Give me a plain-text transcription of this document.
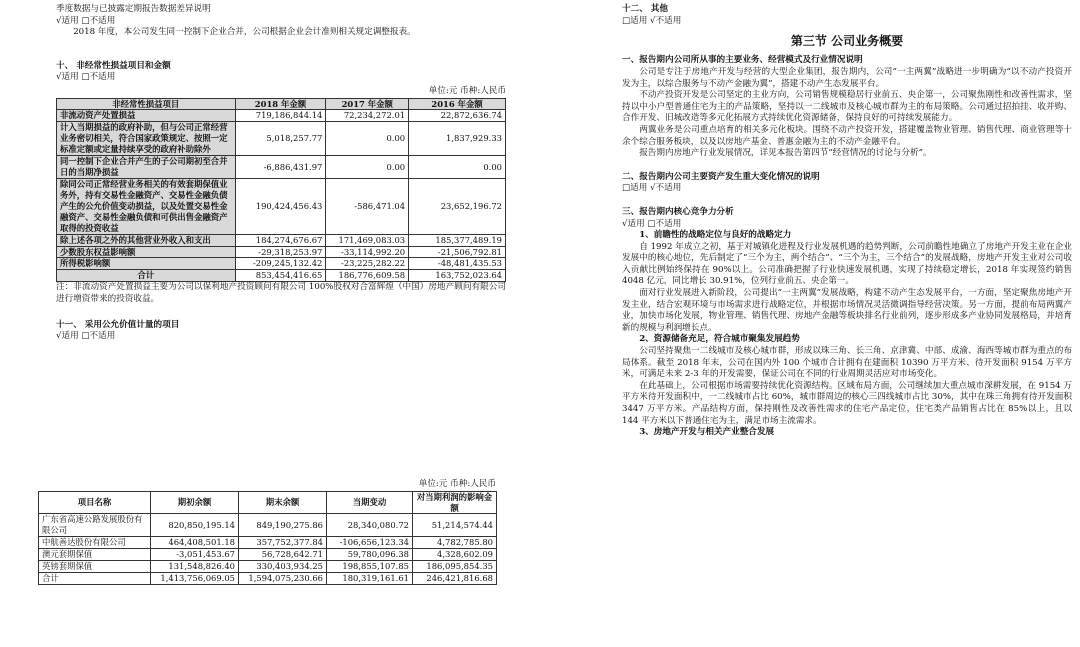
季度数据与已披露定期报告数据差异说明

√适用 □不适用

2018 年度，本公司发生同一控制下企业合并，公司根据企业会计准则相关规定调整报表。

十、 非经常性损益项目和金额

√适用 □不适用

单位:元 币种:人民币

非经常性损益项目	2018 年金额	2017 年金额	2016 年金额
非流动资产处置损益	719,186,844.14	72,234,272.01	22,872,636.74
计入当期损益的政府补助，但与公司正常经营业务密切相关，符合国家政策规定、按照一定标准定额或定量持续享受的政府补助除外	5,018,257.77	0.00	1,837,929.33
同一控制下企业合并产生的子公司期初至合并日的当期净损益	-6,886,431.97	0.00	0.00
除同公司正常经营业务相关的有效套期保值业务外，持有交易性金融资产、交易性金融负债产生的公允价值变动损益，以及处置交易性金融资产、交易性金融负债和可供出售金融资产取得的投资收益	190,424,456.43	-586,471.04	23,652,196.72
除上述各项之外的其他营业外收入和支出	184,274,676.67	171,469,083.03	185,377,489.19
少数股东权益影响额	-29,318,253.97	-33,114,992.20	-21,506,792.81
所得税影响额	-209,245,132.42	-23,225,282.22	-48,481,435.53
合计	853,454,416.65	186,776,609.58	163,752,023.64

注：非流动资产处置损益主要为公司以保利地产投资顾问有限公司 100%股权对合富辉煌（中国）房地产顾问有限公司进行增资带来的投资收益。

十一、 采用公允价值计量的项目

√适用 □不适用

单位:元 币种:人民币

项目名称	期初余额	期末余额	当期变动	对当期利润的影响金额
广东省高速公路发展股份有限公司	820,850,195.14	849,190,275.86	28,340,080.72	51,214,574.44
中航善达股份有限公司	464,408,501.18	357,752,377.84	-106,656,123.34	4,782,785.80
澳元套期保值	-3,051,453.67	56,728,642.71	59,780,096.38	4,328,602.09
英镑套期保值	131,548,826.40	330,403,934.25	198,855,107.85	186,095,854.35
合计	1,413,756,069.05	1,594,075,230.66	180,319,161.61	246,421,816.68

十二、 其他

□适用 √不适用

第三节 公司业务概要

一、报告期内公司所从事的主要业务、经营模式及行业情况说明

公司是专注于房地产开发与经营的大型企业集团，报告期内，公司“一主两翼”战略进一步明确为“以不动产投资开发为主，以综合服务与不动产金融为翼”，搭建不动产生态发展平台。

不动产投资开发是公司坚定的主业方向，公司销售规模稳居行业前五、央企第一，公司聚焦刚性和改善性需求，坚持以中小户型普通住宅为主的产品策略，坚持以一二线城市及核心城市群为主的布局策略。公司通过招拍挂、收并购、合作开发、旧城改造等多元化拓展方式持续优化资源储备，保持良好的可持续发展能力。

两翼业务是公司重点培育的相关多元化板块。围绕不动产投资开发，搭建覆盖物业管理、销售代理、商业管理等十余个综合服务板块，以及以房地产基金、普惠金融为主的不动产金融平台。

报告期内房地产行业发展情况，详见本报告第四节“经营情况的讨论与分析”。

二、报告期内公司主要资产发生重大变化情况的说明

□适用 √不适用

三、报告期内核心竞争力分析

√适用 □不适用

1、前瞻性的战略定位与良好的战略定力

自 1992 年成立之初，基于对城镇化进程及行业发展机遇的趋势判断，公司前瞻性地确立了房地产开发主业在企业发展中的核心地位，先后制定了“三个为主，两个结合”、“三个为主，三个结合”的发展战略，房地产开发主业对公司收入贡献比例始终保持在 90%以上。公司准确把握了行业快速发展机遇，实现了持续稳定增长，2018 年实现签约销售 4048 亿元，同比增长 30.91%，位列行业前五、央企第一。

面对行业发展进入新阶段，公司提出“一主两翼”发展战略，构建不动产生态发展平台，一方面，坚定聚焦房地产开发主业，结合宏观环境与市场需求进行战略定位，并根据市场情况灵活微调指导经营决策。另一方面，提前布局两翼产业，加快市场化发展，物业管理、销售代理、房地产金融等板块排名行业前列，逐步形成多产业协同发展格局，并培育新的规模与利润增长点。

2、资源储备充足，符合城市聚集发展趋势

公司坚持聚焦一二线城市及核心城市群，形成以珠三角、长三角、京津冀、中部、成渝、海西等城市群为重点的布局体系。截至 2018 年末，公司在国内外 100 个城市合计拥有在建面积 10390 万平方米、待开发面积 9154 万平方米，可满足未来 2-3 年的开发需要，保证公司在不同的行业周期灵活应对市场变化。

在此基础上，公司根据市场需要持续优化资源结构。区域布局方面，公司继续加大重点城市深耕发展，在 9154 万平方米待开发面积中，一二线城市占比 60%，城市群周边的核心三四线城市占比 30%，其中在珠三角拥有待开发面积 3447 万平方米。产品结构方面，保持刚性及改善性需求的住宅产品定位，住宅类产品销售占比在 85%以上，且以 144 平方米以下普通住宅为主，满足市场主流需求。

3、房地产开发与相关产业整合发展
